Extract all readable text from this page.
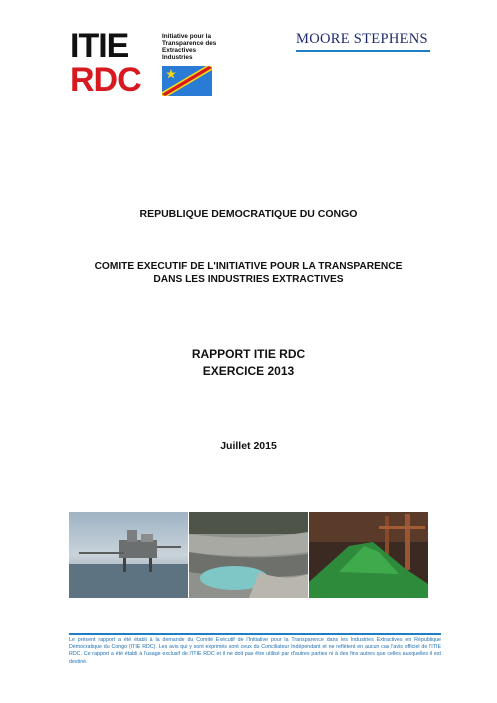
ITIE
RDC
Initiative pour la
Transparence des
Extractives
Industries
MOORE STEPHENS
REPUBLIQUE DEMOCRATIQUE DU CONGO
COMITE EXECUTIF DE L'INITIATIVE POUR LA TRANSPARENCE
DANS LES INDUSTRIES EXTRACTIVES
RAPPORT ITIE RDC
EXERCICE 2013
Juillet 2015
Le présent rapport a été établi à la demande du Comité Exécutif de l'Initiative pour la Transparence dans les Industries Extractives en République Démocratique du Congo (ITIE RDC). Les avis qui y sont exprimés sont ceux du Conciliateur Indépendant et ne reflètent en aucun cas l'avis officiel de l'ITIE RDC. Ce rapport a été établi à l'usage exclusif de l'ITIE RDC et il ne doit pas être utilisé par d'autres parties ni à des fins autres que celles auxquelles il est destiné.
